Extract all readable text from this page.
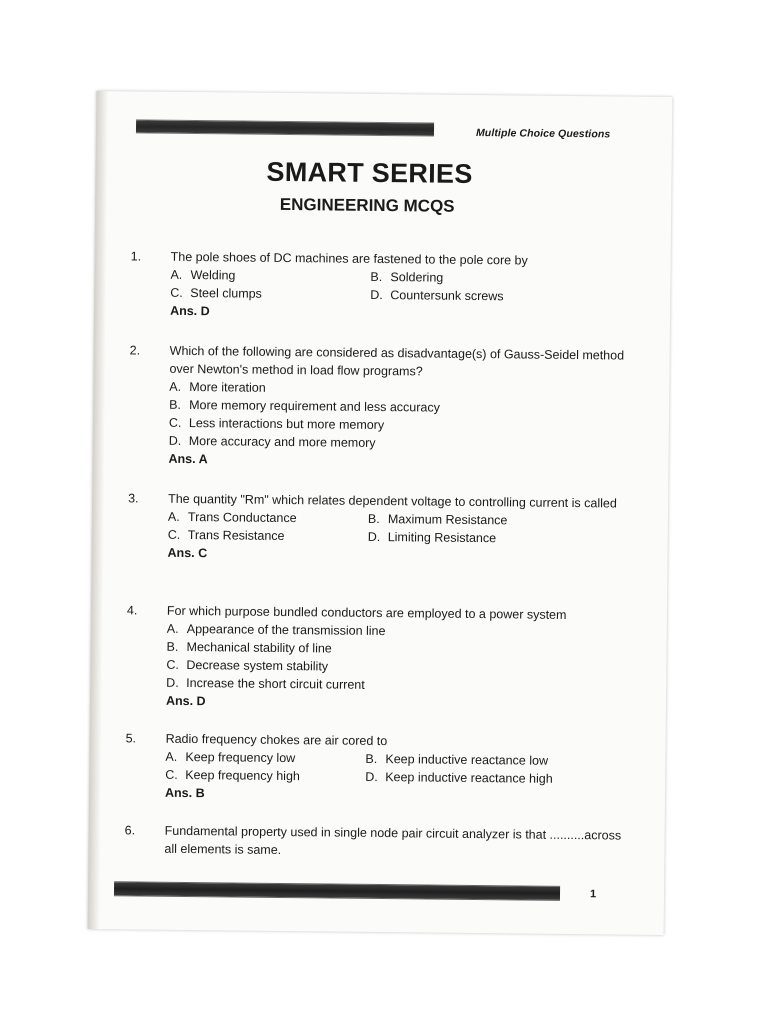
Multiple Choice Questions
SMART SERIES
ENGINEERING MCQS
1.	The pole shoes of DC machines are fastened to the pole core by
A. Welding	B. Soldering
C. Steel clumps	D. Countersunk screws
Ans. D
2.	Which of the following are considered as disadvantage(s) of Gauss-Seidel method over Newton's method in load flow programs?
A. More iteration
B. More memory requirement and less accuracy
C. Less interactions but more memory
D. More accuracy and more memory
Ans. A
3.	The quantity "Rm" which relates dependent voltage to controlling current is called
A. Trans Conductance	B. Maximum Resistance
C. Trans Resistance	D. Limiting Resistance
Ans. C
4.	For which purpose bundled conductors are employed to a power system
A. Appearance of the transmission line
B. Mechanical stability of line
C. Decrease system stability
D. Increase the short circuit current
Ans. D
5.	Radio frequency chokes are air cored to
A. Keep frequency low	B. Keep inductive reactance low
C. Keep frequency high	D. Keep inductive reactance high
Ans. B
6.	Fundamental property used in single node pair circuit analyzer is that ..........across all elements is same.
1
